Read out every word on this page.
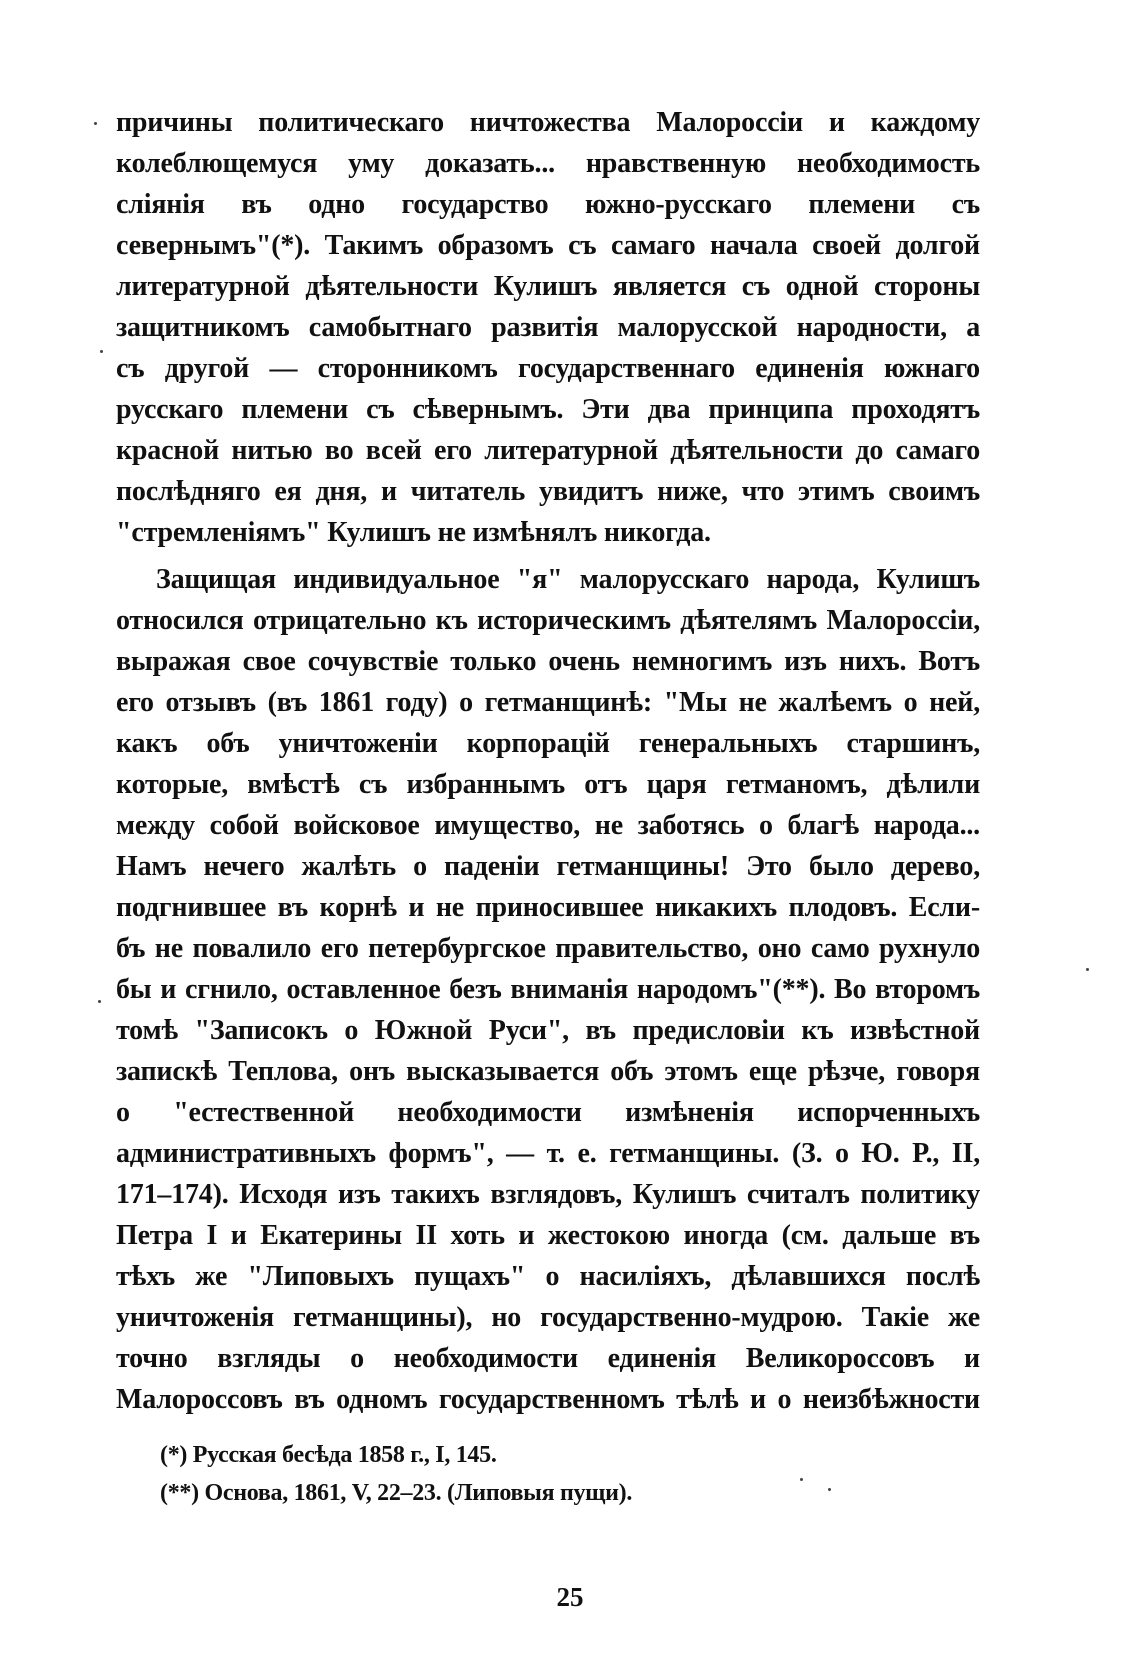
причины политическаго ничтожества Малороссіи и каждому

колеблющемуся уму доказать... нравственную необходимость

слiянія въ одно государство южно-русскаго племени съ

севернымъ"(*). Такимъ образомъ съ самаго начала своей долгой

литературной дѣятельности Кулишъ является съ одной стороны

защитникомъ самобытнаго развитія малорусской народности, а

съ другой — сторонникомъ государственнаго единенія южнаго

русскаго племени съ сѣвернымъ. Эти два принципа проходятъ

красной нитью во всей его литературной дѣятельности до самаго

послѣдняго ея дня, и читатель увидитъ ниже, что этимъ своимъ

"стремленіямъ" Кулишъ не измѣнялъ никогда.

Защищая индивидуальное "я" малорусскаго народа, Кулишъ

относился отрицательно къ историческимъ дѣятелямъ Малороссіи,

выражая свое сочувствіе только очень немногимъ изъ нихъ. Вотъ

его отзывъ (въ 1861 году) о гетманщинѣ: "Мы не жалѣемъ о ней,

какъ объ уничтоженіи корпорацій генеральныхъ старшинъ,

которые, вмѣстѣ съ избраннымъ отъ царя гетманомъ, дѣлили

между собой войсковое имущество, не заботясь о благѣ народа...

Намъ нечего жалѣть о паденіи гетманщины! Это было дерево,

подгнившее въ корнѣ и не приносившее никакихъ плодовъ. Если-

бъ не повалило его петербургское правительство, оно само рухнуло

бы и сгнило, оставленное безъ вниманія народомъ"(**). Во второмъ

томѣ "Записокъ о Южной Руси", въ предисловіи къ извѣстной

запискѣ Теплова, онъ высказывается объ этомъ еще рѣзче, говоря

о "естественной необходимости измѣненія испорченныхъ

административныхъ формъ", — т. е. гетманщины. (З. о Ю. Р., II,

171–174). Исходя изъ такихъ взглядовъ, Кулишъ считалъ политику

Петра I и Екатерины II хоть и жестокою иногда (см. дальше въ

тѣхъ же "Липовыхъ пущахъ" о насиліяхъ, дѣлавшихся послѣ

уничтоженія гетманщины), но государственно-мудрою. Такіе же

точно взгляды о необходимости единенія Великороссовъ и

Малороссовъ въ одномъ государственномъ тѣлѣ и о неизбѣжности

(*) Русская бесѣда 1858 г., I, 145.

(**) Основа, 1861, V, 22–23. (Липовыя пущи).

25
